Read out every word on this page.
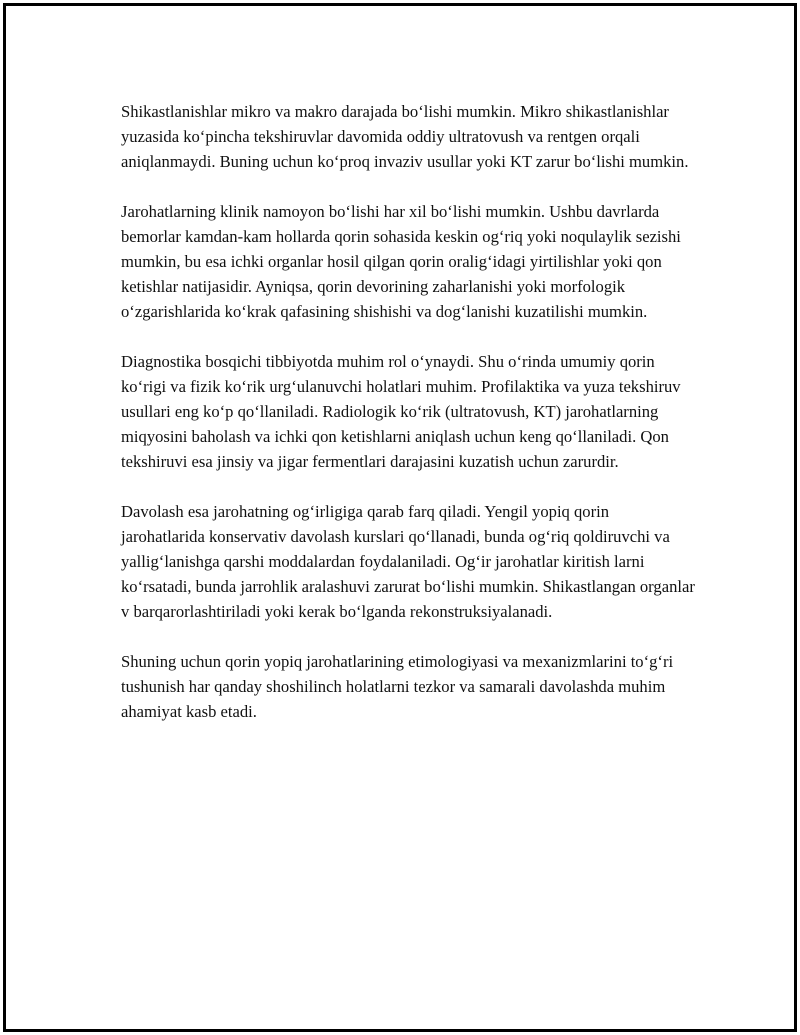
Shikastlanishlar mikro va makro darajada bo‘lishi mumkin. Mikro shikastlanishlar yuzasida ko‘pincha tekshiruvlar davomida oddiy ultratovush va rentgen orqali aniqlanmaydi. Buning uchun ko‘proq invaziv usullar yoki KT zarur bo‘lishi mumkin.

Jarohatlarning klinik namoyon bo‘lishi har xil bo‘lishi mumkin. Ushbu davrlarda bemorlar kamdan-kam hollarda qorin sohasida keskin og‘riq yoki noqulaylik sezishi mumkin, bu esa ichki organlar hosil qilgan qorin oralig‘idagi yirtilishlar yoki qon ketishlar natijasidir. Ayniqsa, qorin devorining zaharlanishi yoki morfologik o‘zgarishlarida ko‘krak qafasining shishishi va dog‘lanishi kuzatilishi mumkin.

Diagnostika bosqichi tibbiyotda muhim rol o‘ynaydi. Shu o‘rinda umumiy qorin ko‘rigi va fizik ko‘rik urg‘ulanuvchi holatlari muhim. Profilaktika va yuza tekshiruv usullari eng ko‘p qo‘llaniladi. Radiologik ko‘rik (ultratovush, KT) jarohatlarning miqyosini baholash va ichki qon ketishlarni aniqlash uchun keng qo‘llaniladi. Qon tekshiruvi esa jinsiy va jigar fermentlari darajasini kuzatish uchun zarurdir.

Davolash esa jarohatning og‘irligiga qarab farq qiladi. Yengil yopiq qorin jarohatlarida konservativ davolash kurslari qo‘llanadi, bunda og‘riq qoldiruvchi va yallig‘lanishga qarshi moddalardan foydalaniladi. Og‘ir jarohatlar kiritish larni ko‘rsatadi, bunda jarrohlik aralashuvi zarurat bo‘lishi mumkin. Shikastlangan organlar v barqarorlashtiriladi yoki kerak bo‘lganda rekonstruksiyalanadi.

Shuning uchun qorin yopiq jarohatlarining etimologiyasi va mexanizmlarini to‘g‘ri tushunish har qanday shoshilinch holatlarni tezkor va samarali davolashda muhim ahamiyat kasb etadi.
